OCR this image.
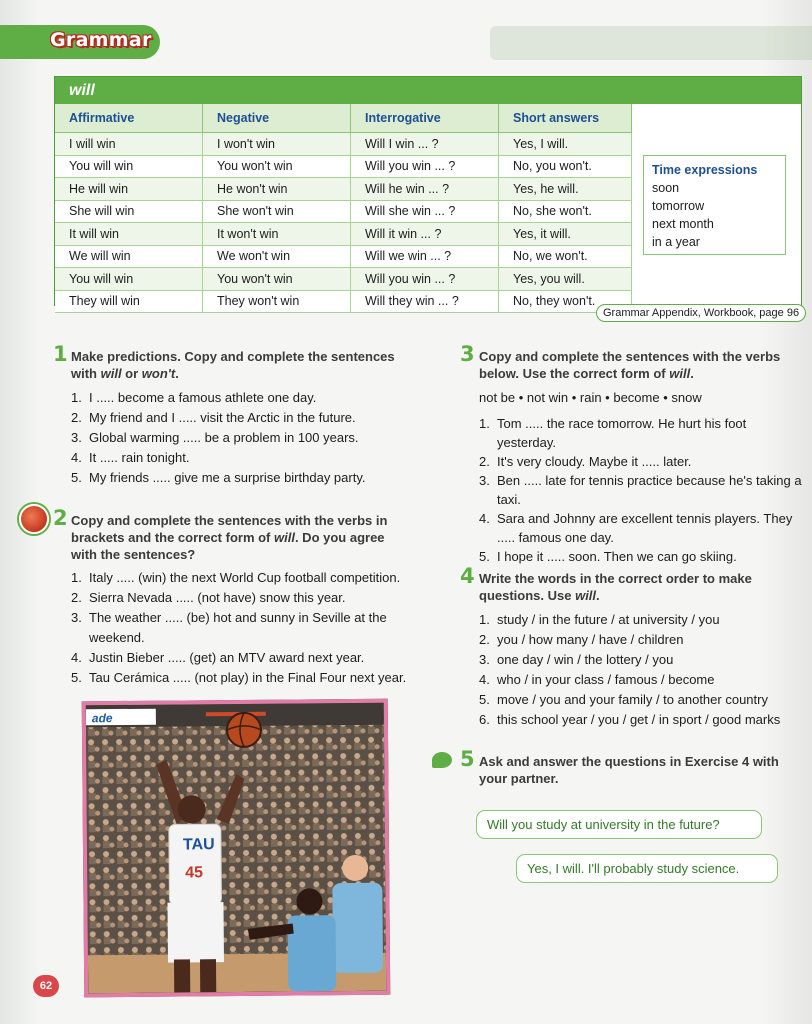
Grammar
will
Affirmative	Negative	Interrogative	Short answers
I will win	I won't win	Will I win ... ?	Yes, I will.
You will win	You won't win	Will you win ... ?	No, you won't.
He will win	He won't win	Will he win ... ?	Yes, he will.
She will win	She won't win	Will she win ... ?	No, she won't.
It will win	It won't win	Will it win ... ?	Yes, it will.
We will win	We won't win	Will we win ... ?	No, we won't.
You will win	You won't win	Will you win ... ?	Yes, you will.
They will win	They won't win	Will they win ... ?	No, they won't.
Time expressions
soon
tomorrow
next month
in a year
Grammar Appendix, Workbook, page 96
1 Make predictions. Copy and complete the sentences with will or won't.
1. I ..... become a famous athlete one day.
2. My friend and I ..... visit the Arctic in the future.
3. Global warming ..... be a problem in 100 years.
4. It ..... rain tonight.
5. My friends ..... give me a surprise birthday party.
2 Copy and complete the sentences with the verbs in brackets and the correct form of will. Do you agree with the sentences?
1. Italy ..... (win) the next World Cup football competition.
2. Sierra Nevada ..... (not have) snow this year.
3. The weather ..... (be) hot and sunny in Seville at the weekend.
4. Justin Bieber ..... (get) an MTV award next year.
5. Tau Cerámica ..... (not play) in the Final Four next year.
ade
TAU
45
3 Copy and complete the sentences with the verbs below. Use the correct form of will.
not be • not win • rain • become • snow
1. Tom ..... the race tomorrow. He hurt his foot yesterday.
2. It's very cloudy. Maybe it ..... later.
3. Ben ..... late for tennis practice because he's taking a taxi.
4. Sara and Johnny are excellent tennis players. They ..... famous one day.
5. I hope it ..... soon. Then we can go skiing.
4 Write the words in the correct order to make questions. Use will.
1. study / in the future / at university / you
2. you / how many / have / children
3. one day / win / the lottery / you
4. who / in your class / famous / become
5. move / you and your family / to another country
6. this school year / you / get / in sport / good marks
5 Ask and answer the questions in Exercise 4 with your partner.
Will you study at university in the future?
Yes, I will. I'll probably study science.
62
